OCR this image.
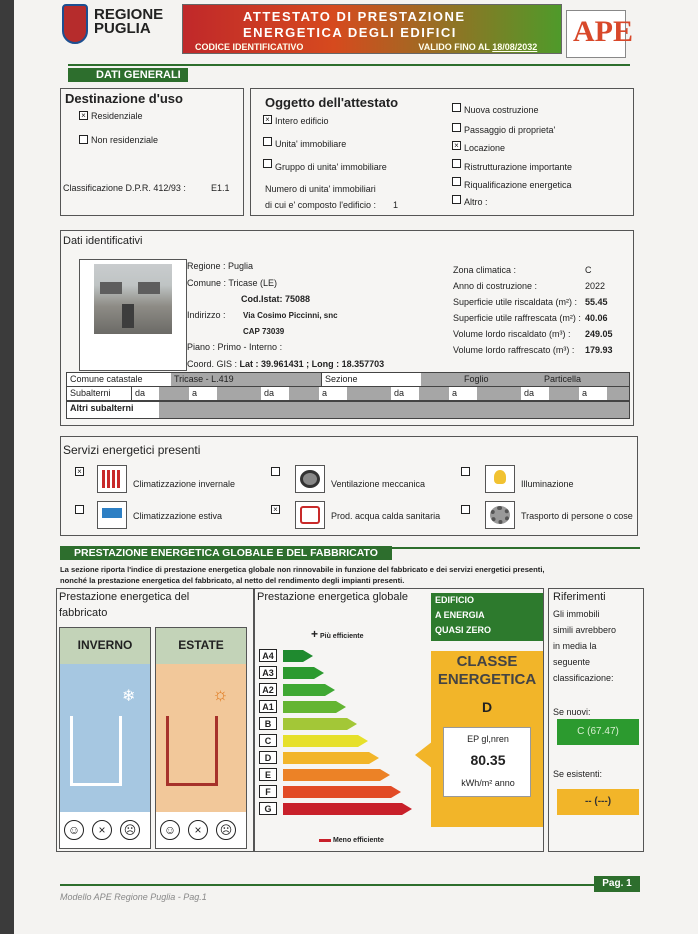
REGIONE
PUGLIA
ATTESTATO DI PRESTAZIONE
ENERGETICA DEGLI EDIFICI
CODICE IDENTIFICATIVO	VALIDO FINO AL 18/08/2032 APE
DATI GENERALI
Destinazione d'uso
× Residenziale
Non residenziale
Classificazione D.P.R. 412/93 :	E1.1
Oggetto dell'attestato
× Intero edificio
Unita' immobiliare
Gruppo di unita' immobiliare
Numero di unita' immobiliari
di cui e' composto l'edificio : 1
Nuova costruzione
Passaggio di proprieta'
× Locazione
Ristrutturazione importante
Riqualificazione energetica
Altro :
Dati identificativi
Regione : Puglia
Comune : Tricase (LE)
Cod.Istat: 75088
Indirizzo : Via Cosimo Piccinni, snc
CAP 73039
Piano : Primo - Interno :
Coord. GIS : Lat : 39.961431 ; Long : 18.357703
Zona climatica :	C
Anno di costruzione :	2022
Superficie utile riscaldata (m²) : 55.45
Superficie utile raffrescata (m²) : 40.06
Volume lordo riscaldato (m³) : 249.05
Volume lordo raffrescato (m³) : 179.93
Comune catastale	Tricase - L.419	Sezione	Foglio	Particella
Subalterni	da	a	da	a	da	a	da	a
Altri subalterni
Servizi energetici presenti
×
Climatizzazione invernale	Ventilazione meccanica	Illuminazione
Climatizzazione estiva
×
Prod. acqua calda sanitaria	Trasporto di persone o cose
PRESTAZIONE ENERGETICA GLOBALE E DEL FABBRICATO
La sezione riporta l'indice di prestazione energetica globale non rinnovabile in funzione del fabbricato e dei servizi energetici presenti,
nonché la prestazione energetica del fabbricato, al netto del rendimento degli impianti presenti.
Prestazione energetica del
fabbricato
INVERNO
❄
☺	×	☹
ESTATE
☼
☺	×	☹
Prestazione energetica globale
+ Più efficiente
A4
A3
A2
A1
B
C
D
E
F
G
Meno efficiente
EDIFICIO
A ENERGIA
QUASI ZERO
CLASSE
ENERGETICA
D
EP gl,nren
80.35
kWh/m² anno
Riferimenti
Gli immobili
simili avrebbero
in media la
seguente
classificazione:
Se nuovi:
C (67.47)
Se esistenti:
-- (---)
Modello APE Regione Puglia - Pag.1
Pag. 1
